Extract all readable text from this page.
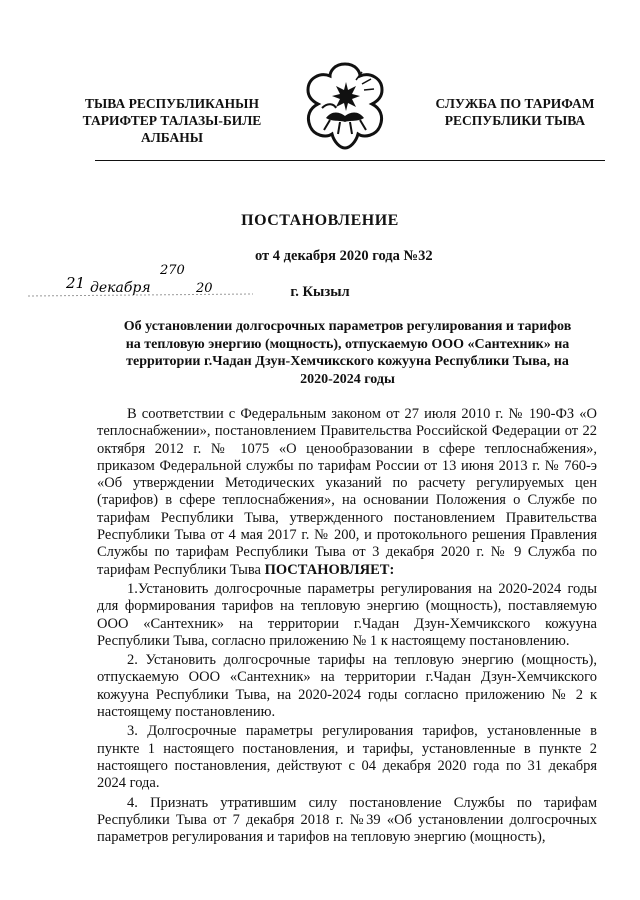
ТЫВА РЕСПУБЛИКАНЫН
ТАРИФТЕР ТАЛАЗЫ-БИЛЕ
АЛБАНЫ
СЛУЖБА ПО ТАРИФАМ
РЕСПУБЛИКИ ТЫВА
ПОСТАНОВЛЕНИЕ
от 4 декабря 2020 года №32
г. Кызыл
21 декабря
270
20
Об установлении долгосрочных параметров регулирования и тарифов
на тепловую энергию (мощность), отпускаемую ООО «Сантехник» на
территории г.Чадан Дзун-Хемчикского кожууна Республики Тыва, на
2020-2024 годы

В соответствии с Федеральным законом от 27 июля 2010 г. № 190-ФЗ «О теплоснабжении», постановлением Правительства Российской Федерации от 22 октября 2012 г. № 1075 «О ценообразовании в сфере теплоснабжения», приказом Федеральной службы по тарифам России от 13 июня 2013 г. № 760-э «Об утверждении Методических указаний по расчету регулируемых цен (тарифов) в сфере теплоснабжения», на основании Положения о Службе по тарифам Республики Тыва, утвержденного постановлением Правительства Республики Тыва от 4 мая 2017 г. № 200, и протокольного решения Правления Службы по тарифам Республики Тыва от 3 декабря 2020 г. № 9 Служба по тарифам Республики Тыва ПОСТАНОВЛЯЕТ:

1.Установить долгосрочные параметры регулирования на 2020-2024 годы для формирования тарифов на тепловую энергию (мощность), поставляемую ООО «Сантехник» на территории г.Чадан Дзун-Хемчикского кожууна Республики Тыва, согласно приложению № 1 к настоящему постановлению.

2. Установить долгосрочные тарифы на тепловую энергию (мощность), отпускаемую ООО «Сантехник» на территории г.Чадан Дзун-Хемчикского кожууна Республики Тыва, на 2020-2024 годы согласно приложению № 2 к настоящему постановлению.

3. Долгосрочные параметры регулирования тарифов, установленные в пункте 1 настоящего постановления, и тарифы, установленные в пункте 2 настоящего постановления, действуют с 04 декабря 2020 года по 31 декабря 2024 года.

4. Признать утратившим силу постановление Службы по тарифам Республики Тыва от 7 декабря 2018 г. №39 «Об установлении долгосрочных параметров регулирования и тарифов на тепловую энергию (мощность),
